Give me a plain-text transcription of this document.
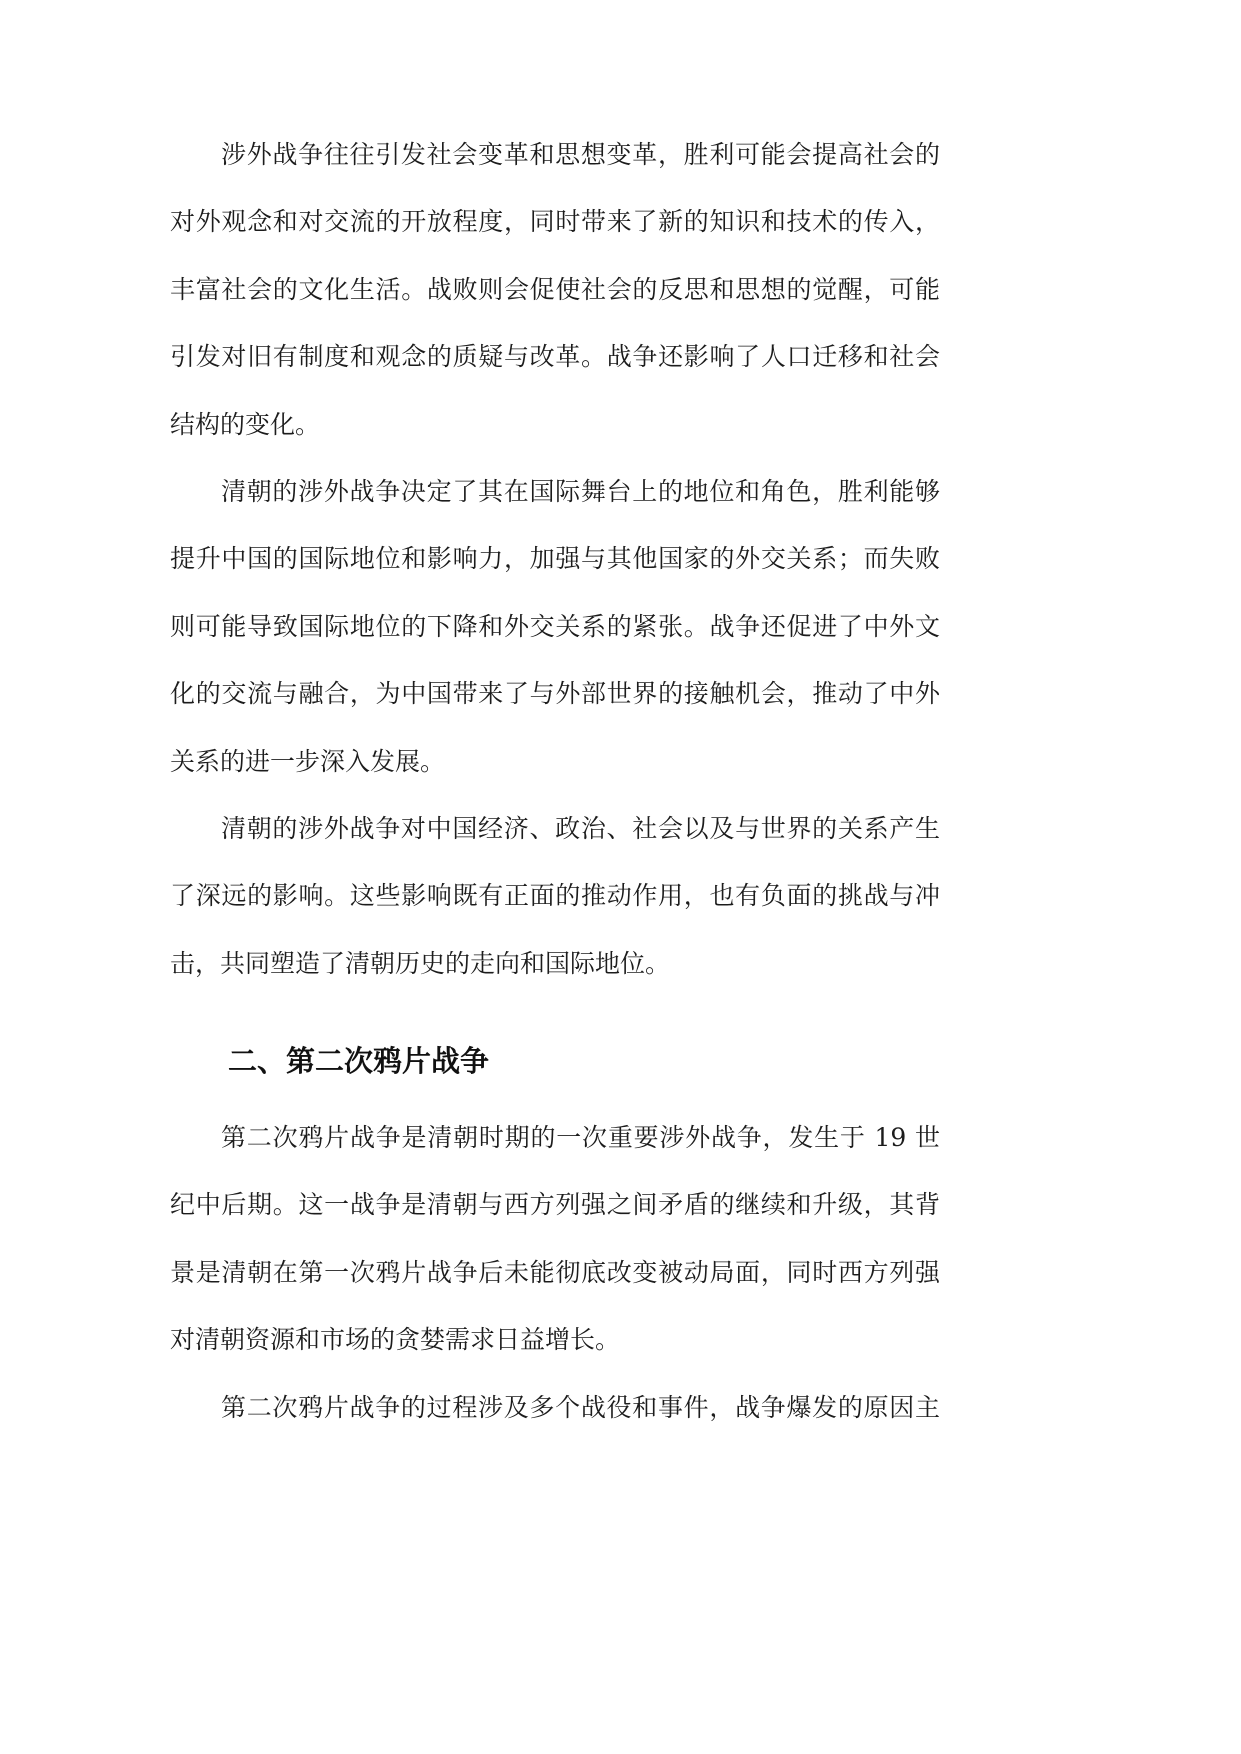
涉外战争往往引发社会变革和思想变革，胜利可能会提高社会的
对外观念和对交流的开放程度，同时带来了新的知识和技术的传入，
丰富社会的文化生活。战败则会促使社会的反思和思想的觉醒，可能
引发对旧有制度和观念的质疑与改革。战争还影响了人口迁移和社会
结构的变化。
清朝的涉外战争决定了其在国际舞台上的地位和角色，胜利能够
提升中国的国际地位和影响力，加强与其他国家的外交关系；而失败
则可能导致国际地位的下降和外交关系的紧张。战争还促进了中外文
化的交流与融合，为中国带来了与外部世界的接触机会，推动了中外
关系的进一步深入发展。
清朝的涉外战争对中国经济、政治、社会以及与世界的关系产生
了深远的影响。这些影响既有正面的推动作用，也有负面的挑战与冲
击，共同塑造了清朝历史的走向和国际地位。
二、第二次鸦片战争
第二次鸦片战争是清朝时期的一次重要涉外战争，发生于 19 世
纪中后期。这一战争是清朝与西方列强之间矛盾的继续和升级，其背
景是清朝在第一次鸦片战争后未能彻底改变被动局面，同时西方列强
对清朝资源和市场的贪婪需求日益增长。
第二次鸦片战争的过程涉及多个战役和事件，战争爆发的原因主
